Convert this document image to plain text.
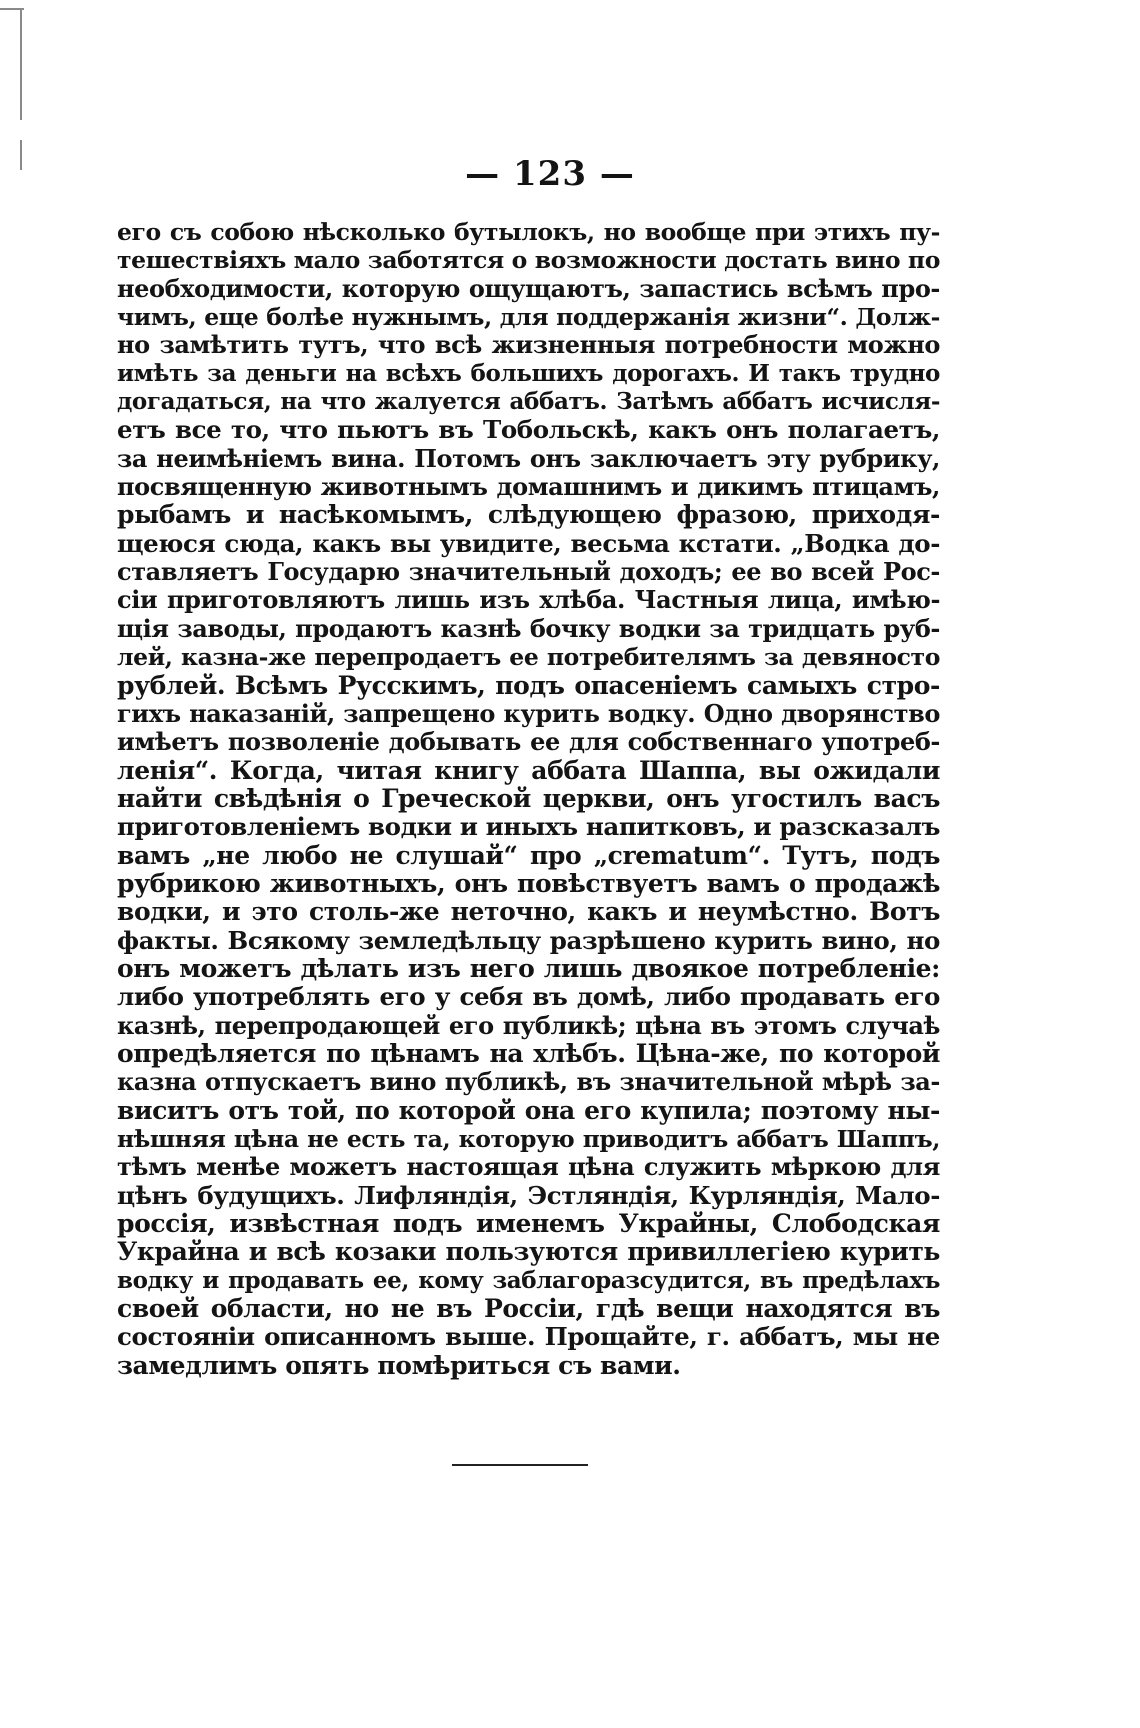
— 123 —
его съ собою нѣсколько бутылокъ, но вообще при этихъ пу-
тешествіяхъ мало заботятся о возможности достать вино по
необходимости, которую ощущаютъ, запастись всѣмъ про-
чимъ, еще болѣе нужнымъ, для поддержанія жизни“. Долж-
но замѣтить тутъ, что всѣ жизненныя потребности можно
имѣть за деньги на всѣхъ большихъ дорогахъ. И такъ трудно
догадаться, на что жалуется аббатъ. Затѣмъ аббатъ исчисля-
етъ все то, что пьютъ въ Тобольскѣ, какъ онъ полагаетъ,
за неимѣніемъ вина. Потомъ онъ заключаетъ эту рубрику,
посвященную животнымъ домашнимъ и дикимъ птицамъ,
рыбамъ и насѣкомымъ, слѣдующею фразою, приходя-
щеюся сюда, какъ вы увидите, весьма кстати. „Водка до-
ставляетъ Государю значительный доходъ; ее во всей Рос-
сіи приготовляютъ лишь изъ хлѣба. Частныя лица, имѣю-
щія заводы, продаютъ казнѣ бочку водки за тридцать руб-
лей, казна-же перепродаетъ ее потребителямъ за девяносто
рублей. Всѣмъ Русскимъ, подъ опасеніемъ самыхъ стро-
гихъ наказаній, запрещено курить водку. Одно дворянство
имѣетъ позволеніе добывать ее для собственнаго употреб-
ленія“. Когда, читая книгу аббата Шаппа, вы ожидали
найти свѣдѣнія о Греческой церкви, онъ угостилъ васъ
приготовленіемъ водки и иныхъ напитковъ, и разсказалъ
вамъ „не любо не слушай“ про „crematum“. Тутъ, подъ
рубрикою животныхъ, онъ повѣствуетъ вамъ о продажѣ
водки, и это столь-же неточно, какъ и неумѣстно. Вотъ
факты. Всякому земледѣльцу разрѣшено курить вино, но
онъ можетъ дѣлать изъ него лишь двоякое потребленіе:
либо употреблять его у себя въ домѣ, либо продавать его
казнѣ, перепродающей его публикѣ; цѣна въ этомъ случаѣ
опредѣляется по цѣнамъ на хлѣбъ. Цѣна-же, по которой
казна отпускаетъ вино публикѣ, въ значительной мѣрѣ за-
виситъ отъ той, по которой она его купила; поэтому ны-
нѣшняя цѣна не есть та, которую приводитъ аббатъ Шаппъ,
тѣмъ менѣе можетъ настоящая цѣна служить мѣркою для
цѣнъ будущихъ. Лифляндія, Эстляндія, Курляндія, Мало-
россія, извѣстная подъ именемъ Украйны, Слободская
Украйна и всѣ козаки пользуются привиллегіею курить
водку и продавать ее, кому заблагоразсудится, въ предѣлахъ
своей области, но не въ Россіи, гдѣ вещи находятся въ
состояніи описанномъ выше. Прощайте, г. аббатъ, мы не
замедлимъ опять помѣриться съ вами.
